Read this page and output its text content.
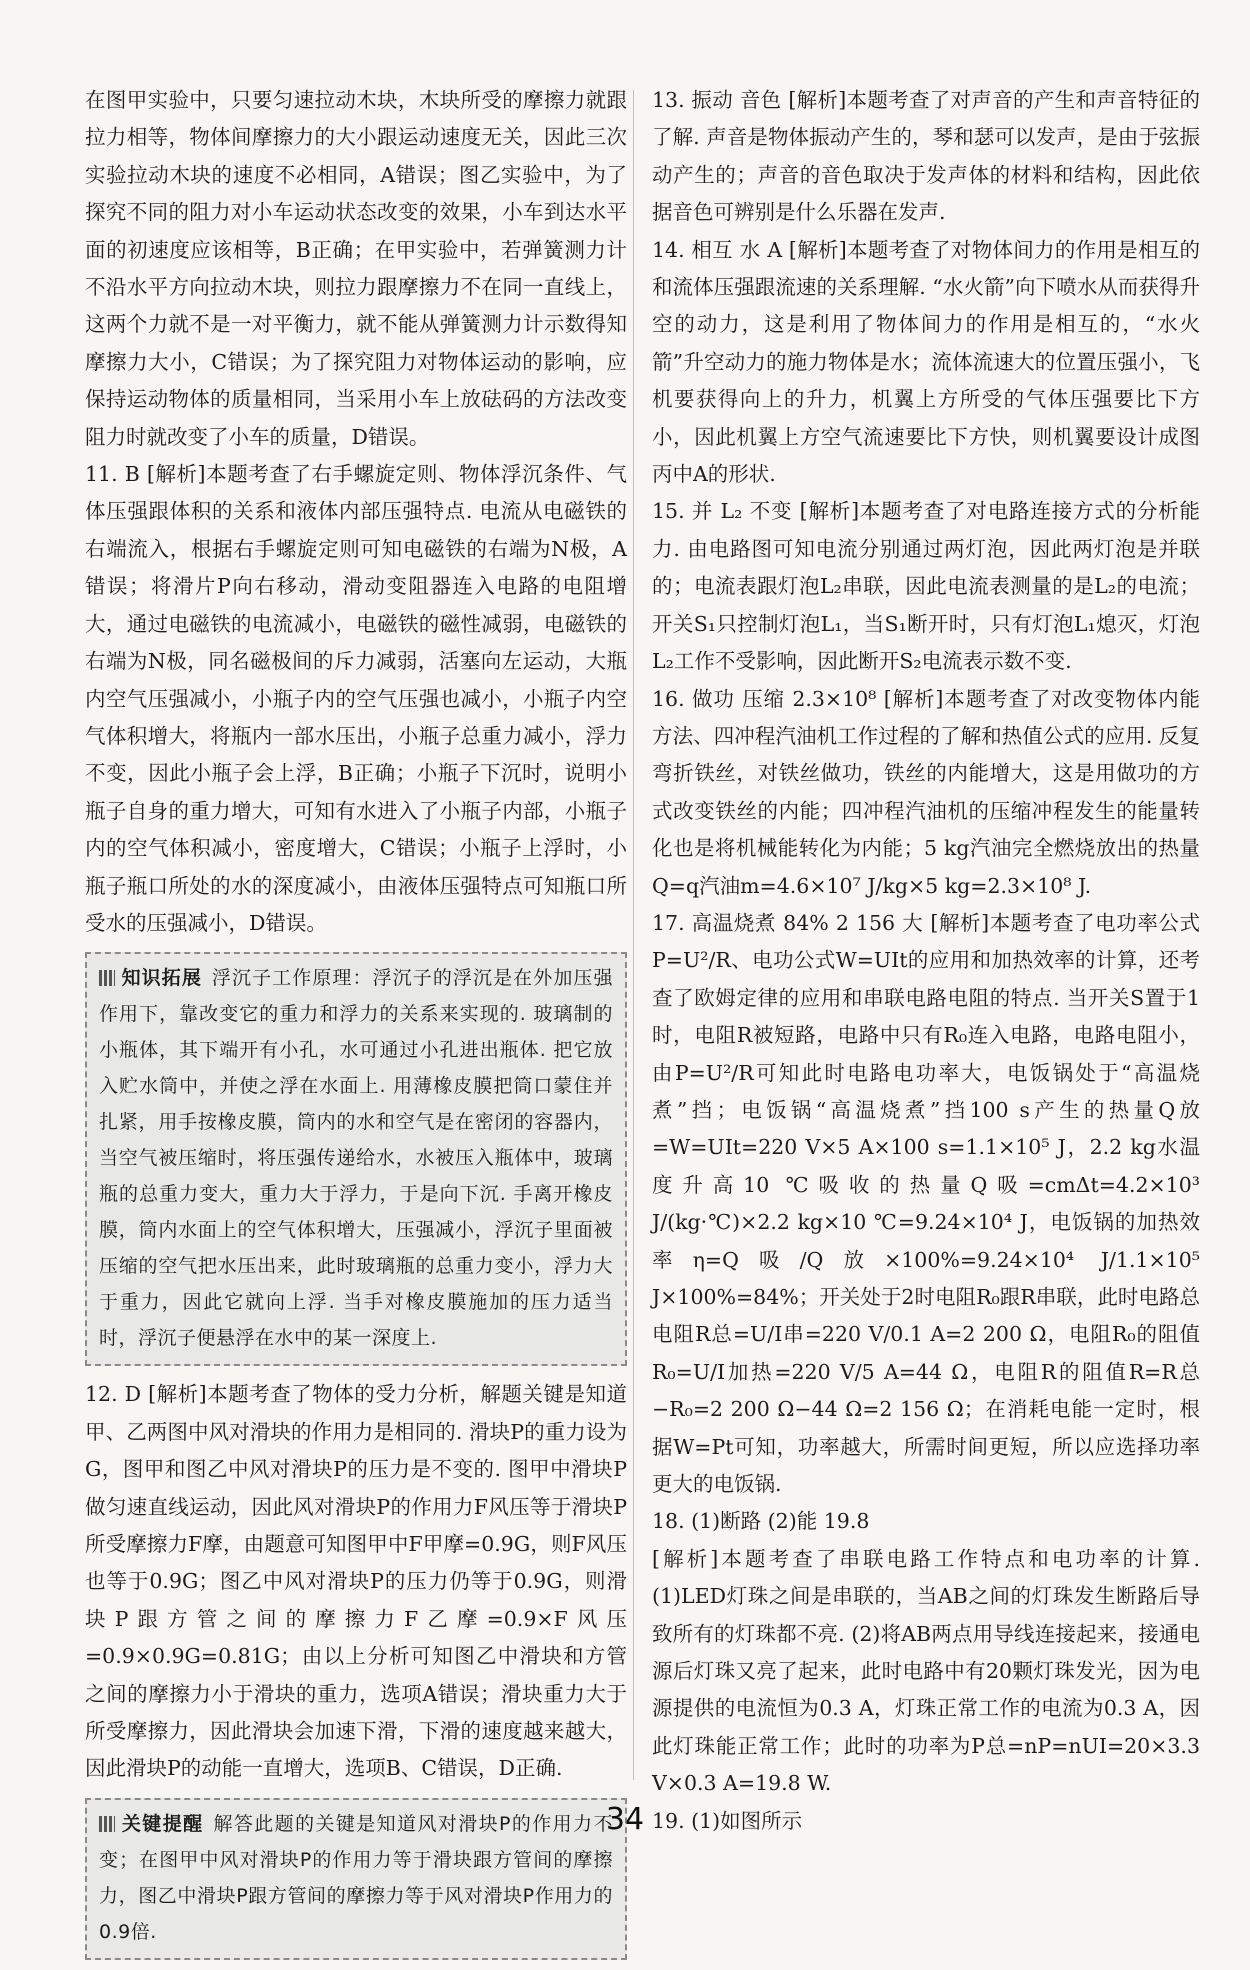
在图甲实验中，只要匀速拉动木块，木块所受的摩擦力就跟拉力相等，物体间摩擦力的大小跟运动速度无关，因此三次实验拉动木块的速度不必相同，A错误；图乙实验中，为了探究不同的阻力对小车运动状态改变的效果，小车到达水平面的初速度应该相等，B正确；在甲实验中，若弹簧测力计不沿水平方向拉动木块，则拉力跟摩擦力不在同一直线上，这两个力就不是一对平衡力，就不能从弹簧测力计示数得知摩擦力大小，C错误；为了探究阻力对物体运动的影响，应保持运动物体的质量相同，当采用小车上放砝码的方法改变阻力时就改变了小车的质量，D错误。

11. B [解析]本题考查了右手螺旋定则、物体浮沉条件、气体压强跟体积的关系和液体内部压强特点. 电流从电磁铁的右端流入，根据右手螺旋定则可知电磁铁的右端为N极，A错误；将滑片P向右移动，滑动变阻器连入电路的电阻增大，通过电磁铁的电流减小，电磁铁的磁性减弱，电磁铁的右端为N极，同名磁极间的斥力减弱，活塞向左运动，大瓶内空气压强减小，小瓶子内的空气压强也减小，小瓶子内空气体积增大，将瓶内一部水压出，小瓶子总重力减小，浮力不变，因此小瓶子会上浮，B正确；小瓶子下沉时，说明小瓶子自身的重力增大，可知有水进入了小瓶子内部，小瓶子内的空气体积减小，密度增大，C错误；小瓶子上浮时，小瓶子瓶口所处的水的深度减小，由液体压强特点可知瓶口所受水的压强减小，D错误。

知识拓展 浮沉子工作原理：浮沉子的浮沉是在外加压强作用下，靠改变它的重力和浮力的关系来实现的. 玻璃制的小瓶体，其下端开有小孔，水可通过小孔进出瓶体. 把它放入贮水筒中，并使之浮在水面上. 用薄橡皮膜把筒口蒙住并扎紧，用手按橡皮膜，筒内的水和空气是在密闭的容器内，当空气被压缩时，将压强传递给水，水被压入瓶体中，玻璃瓶的总重力变大，重力大于浮力，于是向下沉. 手离开橡皮膜，筒内水面上的空气体积增大，压强减小，浮沉子里面被压缩的空气把水压出来，此时玻璃瓶的总重力变小，浮力大于重力，因此它就向上浮. 当手对橡皮膜施加的压力适当时，浮沉子便悬浮在水中的某一深度上.

12. D [解析]本题考查了物体的受力分析，解题关键是知道甲、乙两图中风对滑块的作用力是相同的. 滑块P的重力设为G，图甲和图乙中风对滑块P的压力是不变的. 图甲中滑块P做匀速直线运动，因此风对滑块P的作用力F风压等于滑块P所受摩擦力F摩，由题意可知图甲中F甲摩=0.9G，则F风压也等于0.9G；图乙中风对滑块P的压力仍等于0.9G，则滑块P跟方管之间的摩擦力F乙摩=0.9×F风压=0.9×0.9G=0.81G；由以上分析可知图乙中滑块和方管之间的摩擦力小于滑块的重力，选项A错误；滑块重力大于所受摩擦力，因此滑块会加速下滑，下滑的速度越来越大，因此滑块P的动能一直增大，选项B、C错误，D正确.

关键提醒 解答此题的关键是知道风对滑块P的作用力不变；在图甲中风对滑块P的作用力等于滑块跟方管间的摩擦力，图乙中滑块P跟方管间的摩擦力等于风对滑块P作用力的0.9倍.

13. 振动 音色 [解析]本题考查了对声音的产生和声音特征的了解. 声音是物体振动产生的，琴和瑟可以发声，是由于弦振动产生的；声音的音色取决于发声体的材料和结构，因此依据音色可辨别是什么乐器在发声.

14. 相互 水 A [解析]本题考查了对物体间力的作用是相互的和流体压强跟流速的关系理解. “水火箭”向下喷水从而获得升空的动力，这是利用了物体间力的作用是相互的，“水火箭”升空动力的施力物体是水；流体流速大的位置压强小，飞机要获得向上的升力，机翼上方所受的气体压强要比下方小，因此机翼上方空气流速要比下方快，则机翼要设计成图丙中A的形状.

15. 并 L₂ 不变 [解析]本题考查了对电路连接方式的分析能力. 由电路图可知电流分别通过两灯泡，因此两灯泡是并联的；电流表跟灯泡L₂串联，因此电流表测量的是L₂的电流；开关S₁只控制灯泡L₁，当S₁断开时，只有灯泡L₁熄灭，灯泡L₂工作不受影响，因此断开S₂电流表示数不变.

16. 做功 压缩 2.3×10⁸ [解析]本题考查了对改变物体内能方法、四冲程汽油机工作过程的了解和热值公式的应用. 反复弯折铁丝，对铁丝做功，铁丝的内能增大，这是用做功的方式改变铁丝的内能；四冲程汽油机的压缩冲程发生的能量转化也是将机械能转化为内能；5 kg汽油完全燃烧放出的热量Q=q汽油m=4.6×10⁷ J/kg×5 kg=2.3×10⁸ J.

17. 高温烧煮 84% 2 156 大 [解析]本题考查了电功率公式P=U²/R、电功公式W=UIt的应用和加热效率的计算，还考查了欧姆定律的应用和串联电路电阻的特点. 当开关S置于1时，电阻R被短路，电路中只有R₀连入电路，电路电阻小，由P=U²/R可知此时电路电功率大，电饭锅处于“高温烧煮”挡；电饭锅“高温烧煮”挡100 s产生的热量Q放=W=UIt=220 V×5 A×100 s=1.1×10⁵ J，2.2 kg水温度升高10 ℃吸收的热量Q吸=cmΔt=4.2×10³ J/(kg·℃)×2.2 kg×10 ℃=9.24×10⁴ J，电饭锅的加热效率η=Q吸/Q放×100%=9.24×10⁴ J/1.1×10⁵ J×100%=84%；开关处于2时电阻R₀跟R串联，此时电路总电阻R总=U/I串=220 V/0.1 A=2 200 Ω，电阻R₀的阻值R₀=U/I加热=220 V/5 A=44 Ω，电阻R的阻值R=R总−R₀=2 200 Ω−44 Ω=2 156 Ω；在消耗电能一定时，根据W=Pt可知，功率越大，所需时间更短，所以应选择功率更大的电饭锅.

18. (1)断路 (2)能 19.8

[解析]本题考查了串联电路工作特点和电功率的计算. (1)LED灯珠之间是串联的，当AB之间的灯珠发生断路后导致所有的灯珠都不亮. (2)将AB两点用导线连接起来，接通电源后灯珠又亮了起来，此时电路中有20颗灯珠发光，因为电源提供的电流恒为0.3 A，灯珠正常工作的电流为0.3 A，因此灯珠能正常工作；此时的功率为P总=nP=nUI=20×3.3 V×0.3 A=19.8 W.

19. (1)如图所示

34
